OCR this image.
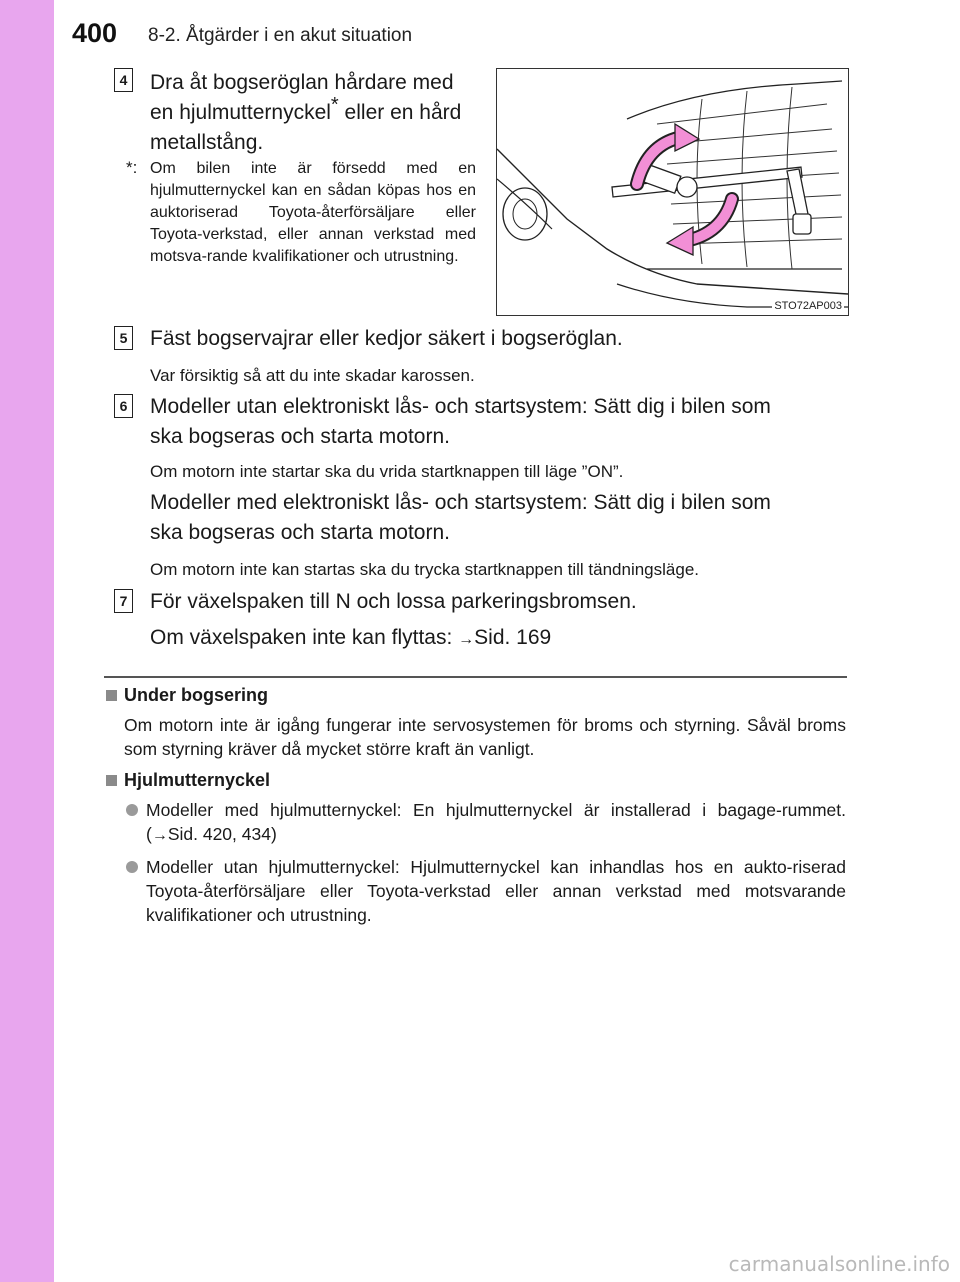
400 8-2. Åtgärder i en akut situation
4 Dra åt bogseröglan hårdare med
en hjulmutternyckel* eller en hård
metallstång.
*: Om bilen inte är försedd med en hjulmutternyckel kan en sådan köpas hos en auktoriserad Toyota-återförsäljare eller Toyota-verkstad, eller annan verkstad med motsva-rande kvalifikationer och utrustning.
STO72AP003
5 Fäst bogservajrar eller kedjor säkert i bogseröglan.
Var försiktig så att du inte skadar karossen.
6 Modeller utan elektroniskt lås- och startsystem: Sätt dig i bilen som
ska bogseras och starta motorn.
Om motorn inte startar ska du vrida startknappen till läge ”ON”.
Modeller med elektroniskt lås- och startsystem: Sätt dig i bilen som
ska bogseras och starta motorn.
Om motorn inte kan startas ska du trycka startknappen till tändningsläge.
7 För växelspaken till N och lossa parkeringsbromsen.
Om växelspaken inte kan flyttas: →Sid. 169
Under bogsering
Om motorn inte är igång fungerar inte servosystemen för broms och styrning. Såväl broms som styrning kräver då mycket större kraft än vanligt.
Hjulmutternyckel
Modeller med hjulmutternyckel: En hjulmutternyckel är installerad i bagage-rummet. (→Sid. 420, 434)
Modeller utan hjulmutternyckel: Hjulmutternyckel kan inhandlas hos en aukto-riserad Toyota-återförsäljare eller Toyota-verkstad eller annan verkstad med motsvarande kvalifikationer och utrustning.
carmanualsonline.info
